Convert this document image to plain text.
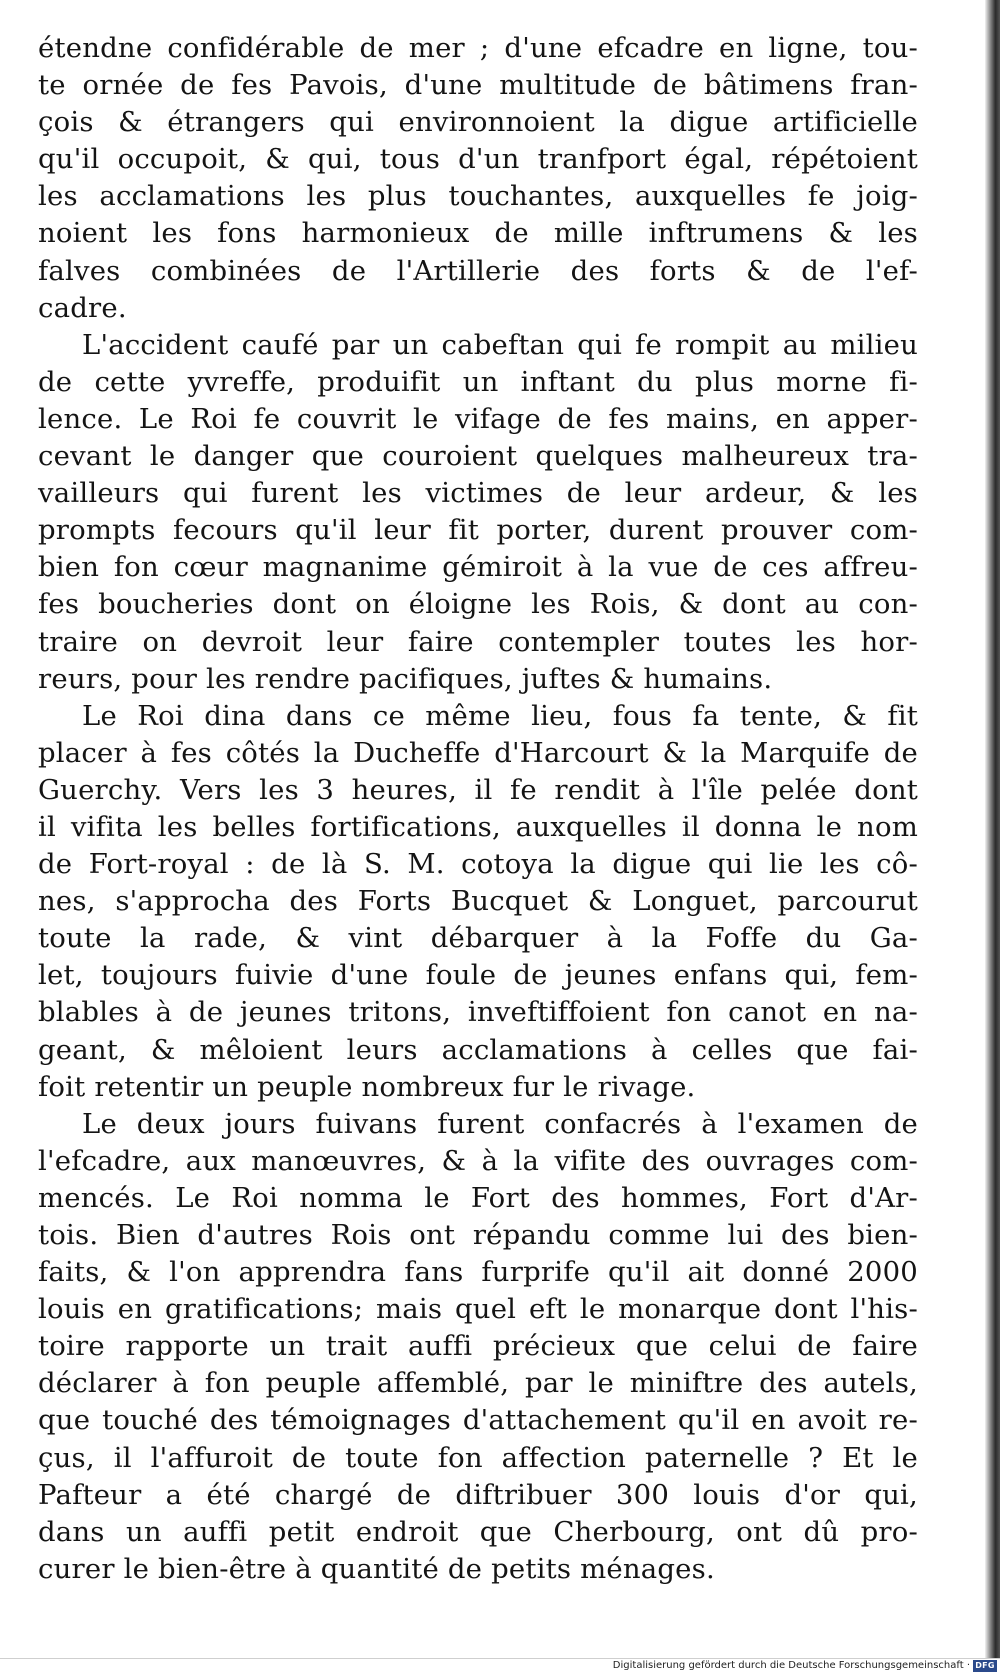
étendne confidérable de mer ; d'une efcadre en ligne, tou-
te ornée de fes Pavois, d'une multitude de bâtimens fran-
çois & étrangers qui environnoient la digue artificielle
qu'il occupoit, & qui, tous d'un tranfport égal, répétoient
les acclamations les plus touchantes, auxquelles fe joig-
noient les fons harmonieux de mille inftrumens & les
falves combinées de l'Artillerie des forts & de l'ef-
cadre.
L'accident caufé par un cabeftan qui fe rompit au milieu
de cette yvreffe, produifit un inftant du plus morne fi-
lence. Le Roi fe couvrit le vifage de fes mains, en apper-
cevant le danger que couroient quelques malheureux tra-
vailleurs qui furent les victimes de leur ardeur, & les
prompts fecours qu'il leur fit porter, durent prouver com-
bien fon cœur magnanime gémiroit à la vue de ces affreu-
fes boucheries dont on éloigne les Rois, & dont au con-
traire on devroit leur faire contempler toutes les hor-
reurs, pour les rendre pacifiques, juftes & humains.
Le Roi dina dans ce même lieu, fous fa tente, & fit
placer à fes côtés la Ducheffe d'Harcourt & la Marquife de
Guerchy. Vers les 3 heures, il fe rendit à l'île pelée dont
il vifita les belles fortifications, auxquelles il donna le nom
de Fort-royal : de là S. M. cotoya la digue qui lie les cô-
nes, s'approcha des Forts Bucquet & Longuet, parcourut
toute la rade, & vint débarquer à la Foffe du Ga-
let, toujours fuivie d'une foule de jeunes enfans qui, fem-
blables à de jeunes tritons, inveftiffoient fon canot en na-
geant, & mêloient leurs acclamations à celles que fai-
foit retentir un peuple nombreux fur le rivage.
Le deux jours fuivans furent confacrés à l'examen de
l'efcadre, aux manœuvres, & à la vifite des ouvrages com-
mencés. Le Roi nomma le Fort des hommes, Fort d'Ar-
tois. Bien d'autres Rois ont répandu comme lui des bien-
faits, & l'on apprendra fans furprife qu'il ait donné 2000
louis en gratifications; mais quel eft le monarque dont l'his-
toire rapporte un trait auffi précieux que celui de faire
déclarer à fon peuple affemblé, par le miniftre des autels,
que touché des témoignages d'attachement qu'il en avoit re-
çus, il l'affuroit de toute fon affection paternelle ? Et le
Pafteur a été chargé de diftribuer 300 louis d'or qui,
dans un auffi petit endroit que Cherbourg, ont dû pro-
curer le bien-être à quantité de petits ménages.
Digitalisierung gefördert durch die Deutsche Forschungsgemeinschaft · DFG
